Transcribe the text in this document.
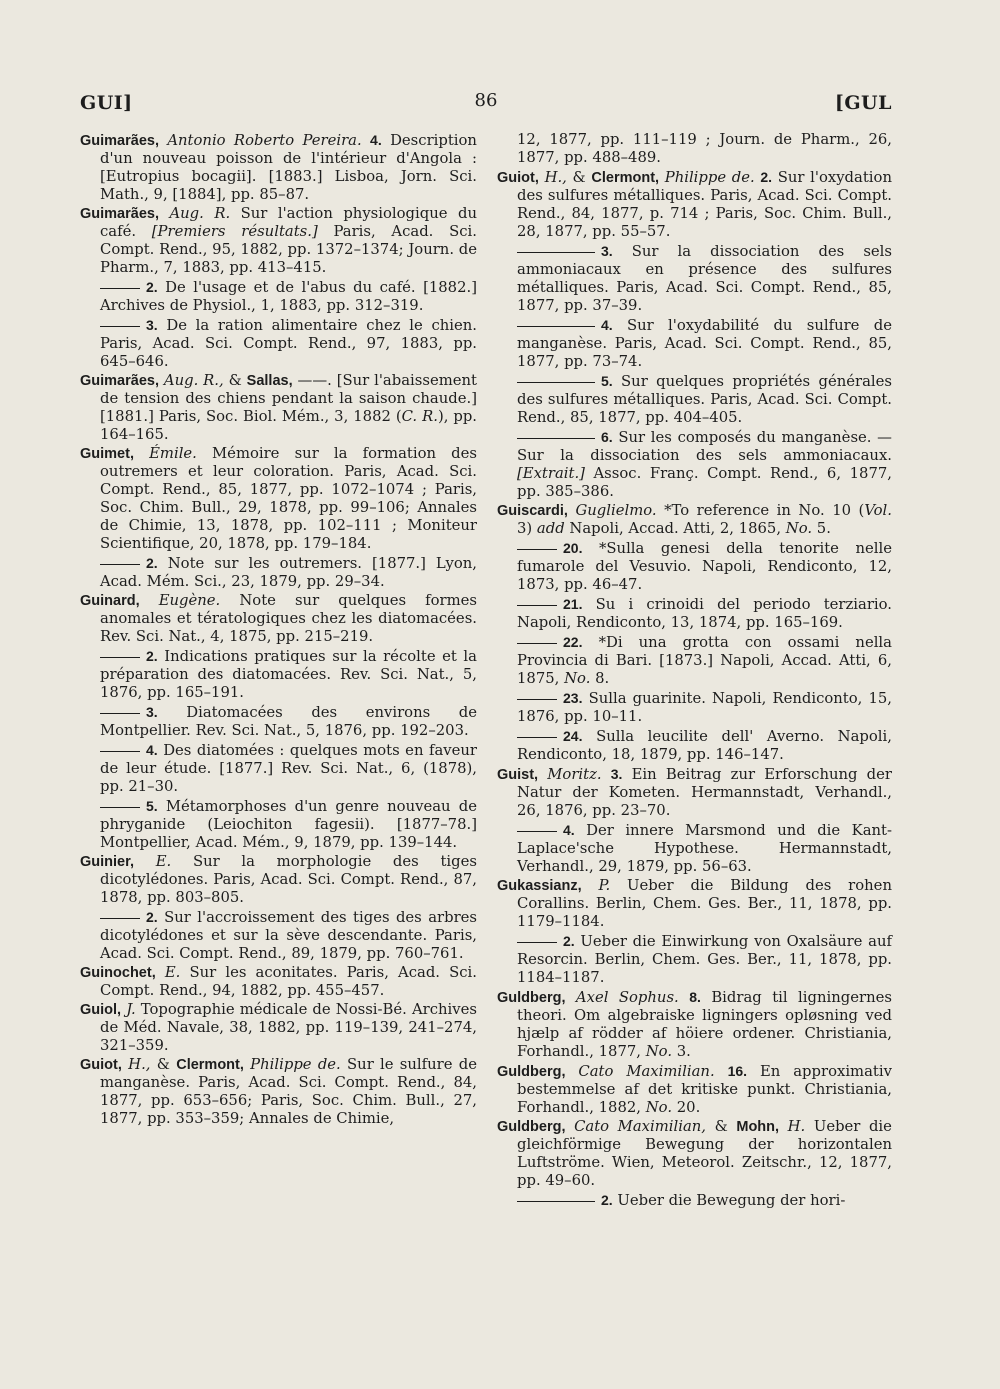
GUI]	86	[GUL

Guimarães, Antonio Roberto Pereira. 4. Description d'un nouveau poisson de l'intérieur d'Angola : [Eutropius bocagii]. [1883.] Lisboa, Jorn. Sci. Math., 9, [1884], pp. 85–87.

Guimarães, Aug. R. Sur l'action physiologique du café. [Premiers résultats.] Paris, Acad. Sci. Compt. Rend., 95, 1882, pp. 1372–1374; Journ. de Pharm., 7, 1883, pp. 413–415.

2. De l'usage et de l'abus du café. [1882.] Archives de Physiol., 1, 1883, pp. 312–319.

3. De la ration alimentaire chez le chien. Paris, Acad. Sci. Compt. Rend., 97, 1883, pp. 645–646.

Guimarães, Aug. R., & Sallas, ——. [Sur l'abaissement de tension des chiens pendant la saison chaude.] [1881.] Paris, Soc. Biol. Mém., 3, 1882 (C. R.), pp. 164–165.

Guimet, Émile. Mémoire sur la formation des outremers et leur coloration. Paris, Acad. Sci. Compt. Rend., 85, 1877, pp. 1072–1074 ; Paris, Soc. Chim. Bull., 29, 1878, pp. 99–106; Annales de Chimie, 13, 1878, pp. 102–111 ; Moniteur Scientifique, 20, 1878, pp. 179–184.

2. Note sur les outremers. [1877.] Lyon, Acad. Mém. Sci., 23, 1879, pp. 29–34.

Guinard, Eugène. Note sur quelques formes anomales et tératologiques chez les diatomacées. Rev. Sci. Nat., 4, 1875, pp. 215–219.

2. Indications pratiques sur la récolte et la préparation des diatomacées. Rev. Sci. Nat., 5, 1876, pp. 165–191.

3. Diatomacées des environs de Montpellier. Rev. Sci. Nat., 5, 1876, pp. 192–203.

4. Des diatomées : quelques mots en faveur de leur étude. [1877.] Rev. Sci. Nat., 6, (1878), pp. 21–30.

5. Métamorphoses d'un genre nouveau de phryganide (Leiochiton fagesii). [1877–78.] Montpellier, Acad. Mém., 9, 1879, pp. 139–144.

Guinier, E. Sur la morphologie des tiges dicotylédones. Paris, Acad. Sci. Compt. Rend., 87, 1878, pp. 803–805.

2. Sur l'accroissement des tiges des arbres dicotylédones et sur la sève descendante. Paris, Acad. Sci. Compt. Rend., 89, 1879, pp. 760–761.

Guinochet, E. Sur les aconitates. Paris, Acad. Sci. Compt. Rend., 94, 1882, pp. 455–457.

Guiol, J. Topographie médicale de Nossi-Bé. Archives de Méd. Navale, 38, 1882, pp. 119–139, 241–274, 321–359.

Guiot, H., & Clermont, Philippe de. Sur le sulfure de manganèse. Paris, Acad. Sci. Compt. Rend., 84, 1877, pp. 653–656; Paris, Soc. Chim. Bull., 27, 1877, pp. 353–359; Annales de Chimie,

12, 1877, pp. 111–119 ; Journ. de Pharm., 26, 1877, pp. 488–489.

Guiot, H., & Clermont, Philippe de. 2. Sur l'oxydation des sulfures métalliques. Paris, Acad. Sci. Compt. Rend., 84, 1877, p. 714 ; Paris, Soc. Chim. Bull., 28, 1877, pp. 55–57.

3. Sur la dissociation des sels ammoniacaux en présence des sulfures métalliques. Paris, Acad. Sci. Compt. Rend., 85, 1877, pp. 37–39.

4. Sur l'oxydabilité du sulfure de manganèse. Paris, Acad. Sci. Compt. Rend., 85, 1877, pp. 73–74.

5. Sur quelques propriétés générales des sulfures métalliques. Paris, Acad. Sci. Compt. Rend., 85, 1877, pp. 404–405.

6. Sur les composés du manganèse. —Sur la dissociation des sels ammoniacaux. [Extrait.] Assoc. Franç. Compt. Rend., 6, 1877, pp. 385–386.

Guiscardi, Guglielmo. *To reference in No. 10 (Vol. 3) add Napoli, Accad. Atti, 2, 1865, No. 5.

20. *Sulla genesi della tenorite nelle fumarole del Vesuvio. Napoli, Rendiconto, 12, 1873, pp. 46–47.

21. Su i crinoidi del periodo terziario. Napoli, Rendiconto, 13, 1874, pp. 165–169.

22. *Di una grotta con ossami nella Provincia di Bari. [1873.] Napoli, Accad. Atti, 6, 1875, No. 8.

23. Sulla guarinite. Napoli, Rendiconto, 15, 1876, pp. 10–11.

24. Sulla leucilite dell' Averno. Napoli, Rendiconto, 18, 1879, pp. 146–147.

Guist, Moritz. 3. Ein Beitrag zur Erforschung der Natur der Kometen. Hermannstadt, Verhandl., 26, 1876, pp. 23–70.

4. Der innere Marsmond und die Kant-Laplace'sche Hypothese. Hermannstadt, Verhandl., 29, 1879, pp. 56–63.

Gukassianz, P. Ueber die Bildung des rohen Corallins. Berlin, Chem. Ges. Ber., 11, 1878, pp. 1179–1184.

2. Ueber die Einwirkung von Oxalsäure auf Resorcin. Berlin, Chem. Ges. Ber., 11, 1878, pp. 1184–1187.

Guldberg, Axel Sophus. 8. Bidrag til ligningernes theori. Om algebraiske ligningers opløsning ved hjælp af rödder af höiere ordener. Christiania, Forhandl., 1877, No. 3.

Guldberg, Cato Maximilian. 16. En approximativ bestemmelse af det kritiske punkt. Christiania, Forhandl., 1882, No. 20.

Guldberg, Cato Maximilian, & Mohn, H. Ueber die gleichförmige Bewegung der horizontalen Luftströme. Wien, Meteorol. Zeitschr., 12, 1877, pp. 49–60.

2. Ueber die Bewegung der hori-
